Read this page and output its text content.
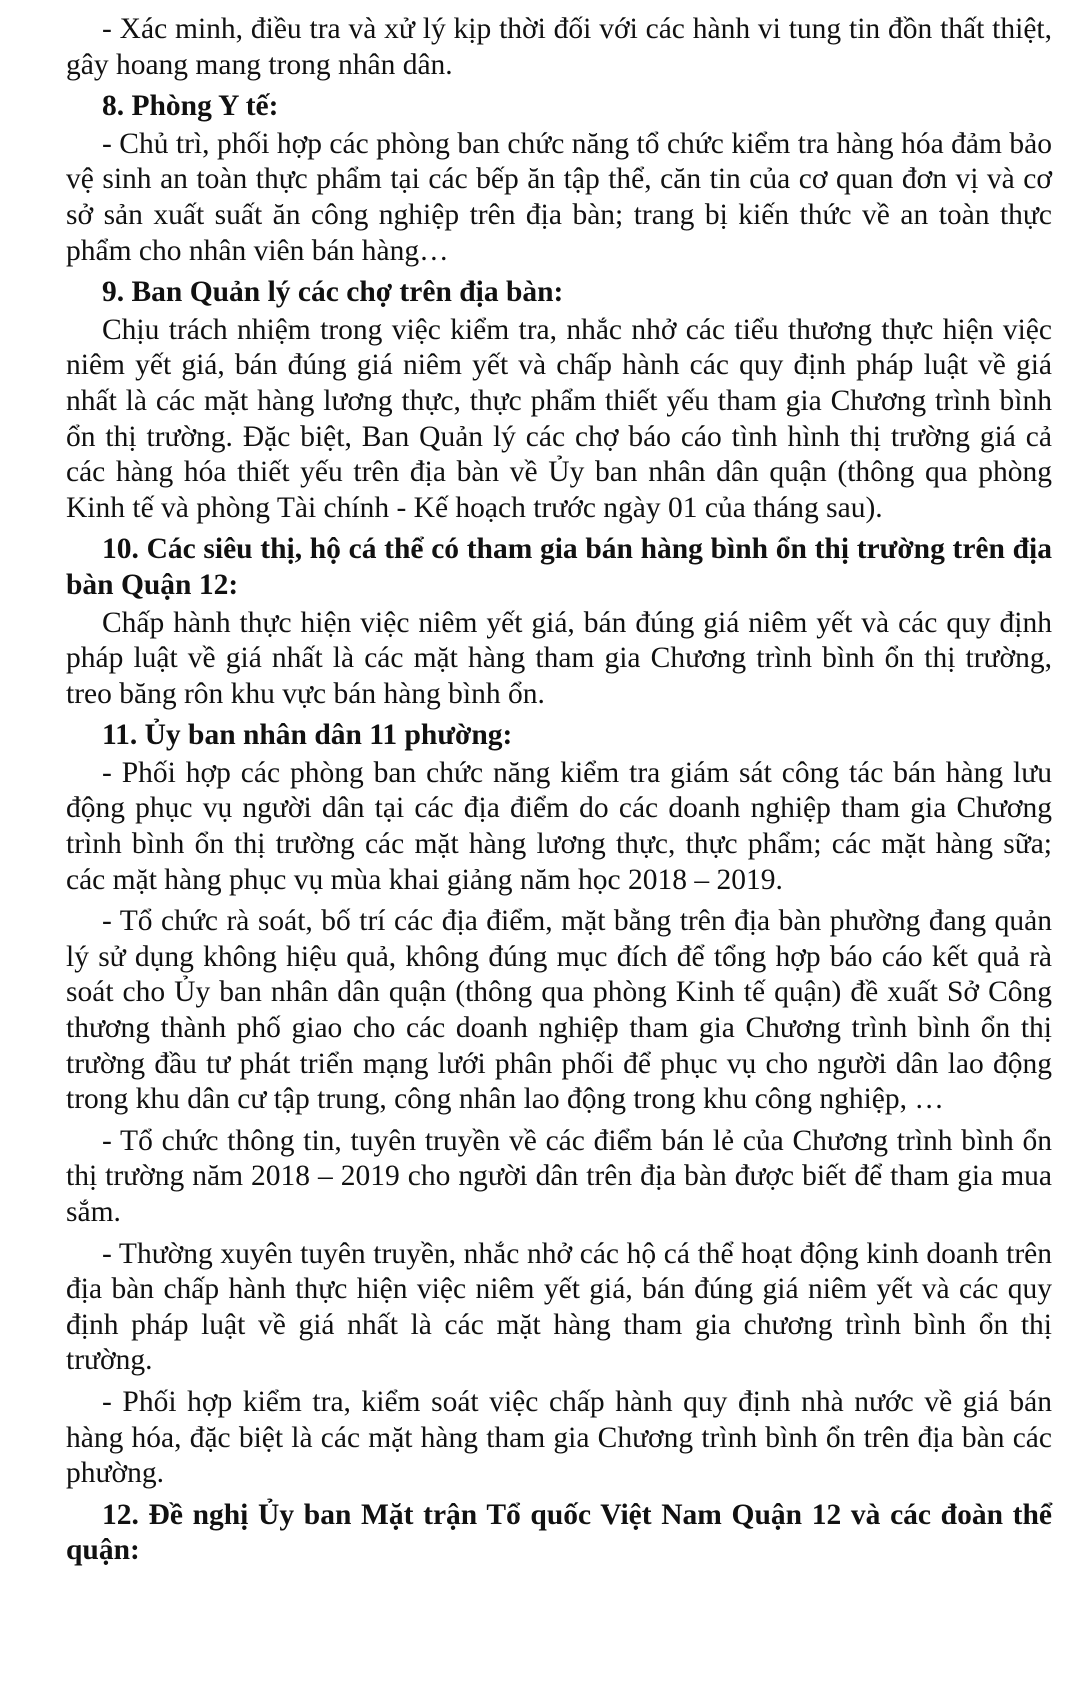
- Xác minh, điều tra và xử lý kịp thời đối với các hành vi tung tin đồn thất thiệt, gây hoang mang trong nhân dân.

8. Phòng Y tế:

- Chủ trì, phối hợp các phòng ban chức năng tổ chức kiểm tra hàng hóa đảm bảo vệ sinh an toàn thực phẩm tại các bếp ăn tập thể, căn tin của cơ quan đơn vị và cơ sở sản xuất suất ăn công nghiệp trên địa bàn; trang bị kiến thức về an toàn thực phẩm cho nhân viên bán hàng…

9. Ban Quản lý các chợ trên địa bàn:

Chịu trách nhiệm trong việc kiểm tra, nhắc nhở các tiểu thương thực hiện việc niêm yết giá, bán đúng giá niêm yết và chấp hành các quy định pháp luật về giá nhất là các mặt hàng lương thực, thực phẩm thiết yếu tham gia Chương trình bình ổn thị trường. Đặc biệt, Ban Quản lý các chợ báo cáo tình hình thị trường giá cả các hàng hóa thiết yếu trên địa bàn về Ủy ban nhân dân quận (thông qua phòng Kinh tế và phòng Tài chính - Kế hoạch trước ngày 01 của tháng sau).

10. Các siêu thị, hộ cá thể có tham gia bán hàng bình ổn thị trường trên địa bàn Quận 12:

Chấp hành thực hiện việc niêm yết giá, bán đúng giá niêm yết và các quy định pháp luật về giá nhất là các mặt hàng tham gia Chương trình bình ổn thị trường, treo băng rôn khu vực bán hàng bình ổn.

11. Ủy ban nhân dân 11 phường:

- Phối hợp các phòng ban chức năng kiểm tra giám sát công tác bán hàng lưu động phục vụ người dân tại các địa điểm do các doanh nghiệp tham gia Chương trình bình ổn thị trường các mặt hàng lương thực, thực phẩm; các mặt hàng sữa; các mặt hàng phục vụ mùa khai giảng năm học 2018 – 2019.

- Tổ chức rà soát, bố trí các địa điểm, mặt bằng trên địa bàn phường đang quản lý sử dụng không hiệu quả, không đúng mục đích để tổng hợp báo cáo kết quả rà soát cho Ủy ban nhân dân quận (thông qua phòng Kinh tế quận) đề xuất Sở Công thương thành phố giao cho các doanh nghiệp tham gia Chương trình bình ổn thị trường đầu tư phát triển mạng lưới phân phối để phục vụ cho người dân lao động trong khu dân cư tập trung, công nhân lao động trong khu công nghiệp, …

- Tổ chức thông tin, tuyên truyền về các điểm bán lẻ của Chương trình bình ổn thị trường năm 2018 – 2019 cho người dân trên địa bàn được biết để tham gia mua sắm.

- Thường xuyên tuyên truyền, nhắc nhở các hộ cá thể hoạt động kinh doanh trên địa bàn chấp hành thực hiện việc niêm yết giá, bán đúng giá niêm yết và các quy định pháp luật về giá nhất là các mặt hàng tham gia chương trình bình ổn thị trường.

- Phối hợp kiểm tra, kiểm soát việc chấp hành quy định nhà nước về giá bán hàng hóa, đặc biệt là các mặt hàng tham gia Chương trình bình ổn trên địa bàn các phường.

12. Đề nghị Ủy ban Mặt trận Tổ quốc Việt Nam Quận 12 và các đoàn thể quận:
